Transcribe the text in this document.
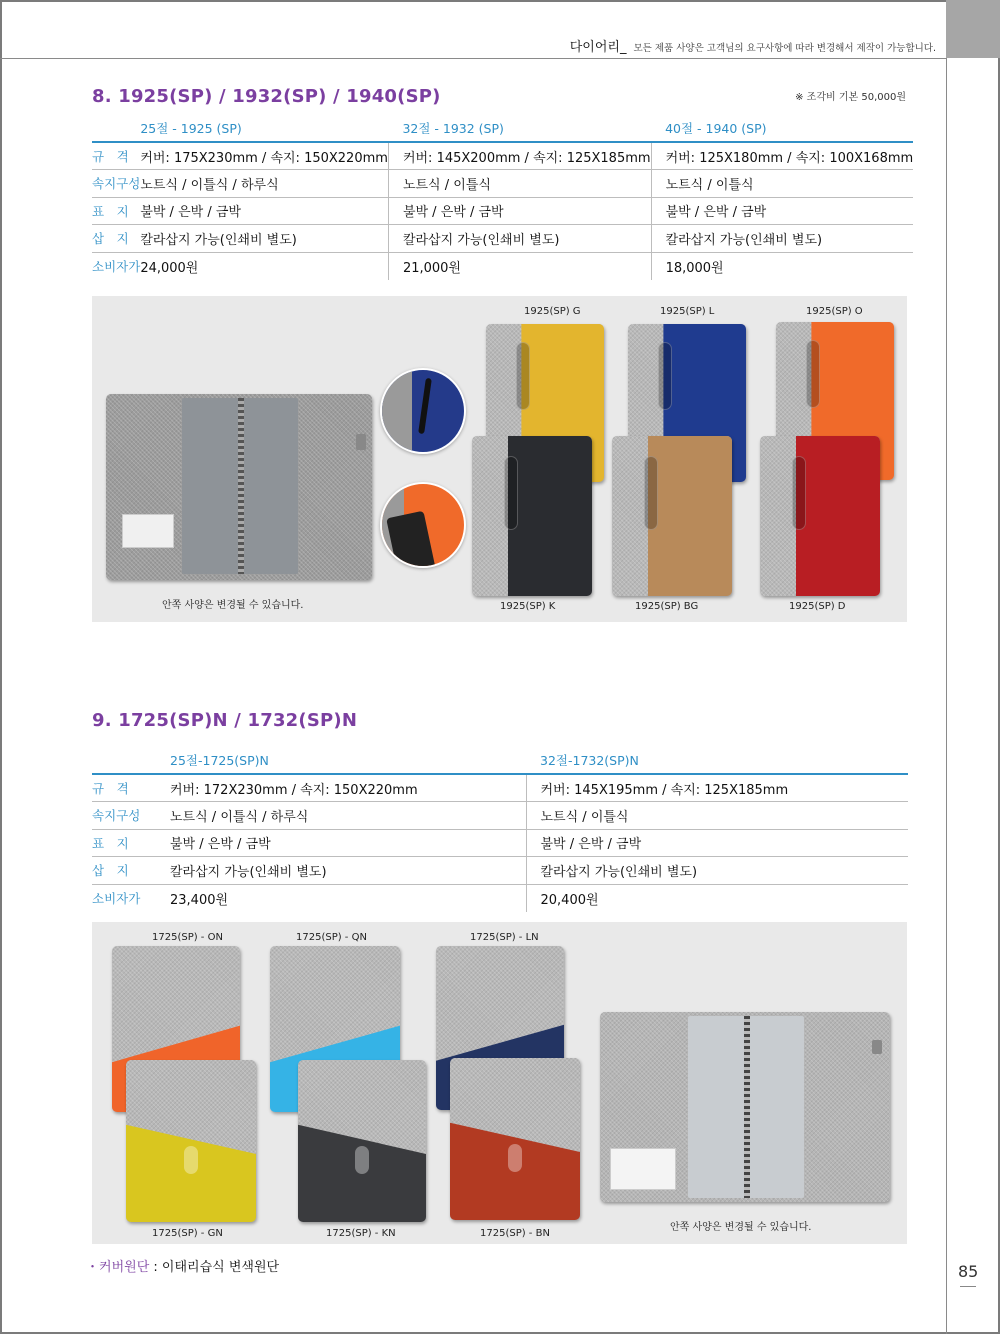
다이어리_ 모든 제품 사양은 고객님의 요구사항에 따라 변경해서 제작이 가능합니다.
8. 1925(SP) / 1932(SP) / 1940(SP)	※ 조각비 기본 50,000원
	25절 - 1925 (SP)	32절 - 1932 (SP)	40절 - 1940 (SP)
규　격	커버: 175X230mm / 속지: 150X220mm	커버: 145X200mm / 속지: 125X185mm	커버: 125X180mm / 속지: 100X168mm
속지구성	노트식 / 이틀식 / 하루식	노트식 / 이틀식	노트식 / 이틀식
표　지	불박 / 은박 / 금박	불박 / 은박 / 금박	불박 / 은박 / 금박
삽　지	칼라삽지 가능(인쇄비 별도)	칼라삽지 가능(인쇄비 별도)	칼라삽지 가능(인쇄비 별도)
소비자가	24,000원	21,000원	18,000원
안쪽 사양은 변경될 수 있습니다.
1925(SP) G	1925(SP) L	1925(SP) O
1925(SP) K	1925(SP) BG	1925(SP) D
9. 1725(SP)N / 1732(SP)N
	25절-1725(SP)N	32절-1732(SP)N
규　격	커버: 172X230mm / 속지: 150X220mm	커버: 145X195mm / 속지: 125X185mm
속지구성	노트식 / 이틀식 / 하루식	노트식 / 이틀식
표　지	불박 / 은박 / 금박	불박 / 은박 / 금박
삽　지	칼라삽지 가능(인쇄비 별도)	칼라삽지 가능(인쇄비 별도)
소비자가	23,400원	20,400원
1725(SP) - ON	1725(SP) - QN	1725(SP) - LN
1725(SP) - GN	1725(SP) - KN	1725(SP) - BN
안쪽 사양은 변경될 수 있습니다.
・커버원단 : 이태리습식 변색원단	85
